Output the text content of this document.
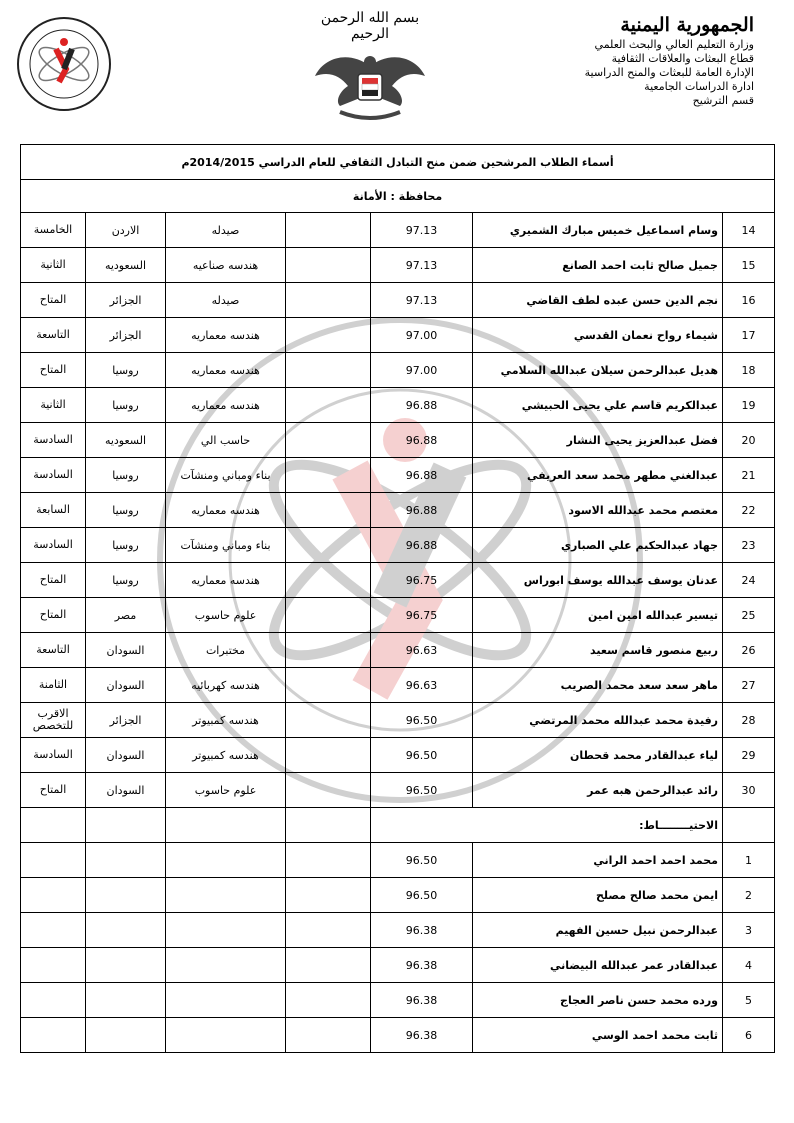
الجمهورية اليمنية
وزارة التعليم العالي والبحث العلمي
قطاع البعثات والعلاقات الثقافية
الإدارة العامة للبعثات والمنح الدراسية
ادارة الدراسات الجامعية
قسم الترشيح
بسم الله الرحمن الرحيم
أسماء الطلاب المرشحين ضمن منح التبادل الثقافي للعام الدراسي 2014/2015م						
محافظة : الأمانة						
الخامسة	الاردن	صيدله		97.13	وسام اسماعيل خميس مبارك الشميري	14
الثانية	السعوديه	هندسه صناعيه		97.13	جميل صالح ثابت احمد الصانع	15
المتاح	الجزائر	صيدله		97.13	نجم الدين حسن عبده لطف القاضي	16
التاسعة	الجزائر	هندسه معماريه		97.00	شيماء رواح نعمان القدسي	17
المتاح	روسيا	هندسه معماريه		97.00	هديل عبدالرحمن سيلان عبدالله السلامي	18
الثانية	روسيا	هندسه معماريه		96.88	عبدالكريم قاسم علي يحيى الحبيشي	19
السادسة	السعوديه	حاسب الي		96.88	فضل عبدالعزيز يحيى النشار	20
السادسة	روسيا	بناء ومباني ومنشآت		96.88	عبدالغني مطهر محمد سعد العريفي	21
السابعة	روسيا	هندسه معماريه		96.88	معتصم محمد عبدالله الاسود	22
السادسة	روسيا	بناء ومباني ومنشآت		96.88	جهاد عبدالحكيم علي الصباري	23
المتاح	روسيا	هندسه معماريه		96.75	عدنان يوسف عبدالله يوسف ابوراس	24
المتاح	مصر	علوم حاسوب		96.75	تيسير عبدالله امين امين	25
التاسعة	السودان	مختبرات		96.63	ربيع منصور قاسم سعيد	26
الثامنة	السودان	هندسه كهربائيه		96.63	ماهر سعد سعد محمد الصريب	27
الاقرب للتخصص	الجزائر	هندسه كمبيوتر		96.50	رفيدة محمد عبدالله محمد المرتضي	28
السادسة	السودان	هندسه كمبيوتر		96.50	لياء عبدالقادر محمد قحطان	29
المتاح	السودان	علوم حاسوب		96.50	رائد عبدالرحمن هبه عمر	30
				الاحتيــــــــاط:		
				96.50	محمد احمد احمد الراني	1
				96.50	ايمن محمد صالح مصلح	2
				96.38	عبدالرحمن نبيل حسين الفهيم	3
				96.38	عبدالقادر عمر عبدالله البيضاني	4
				96.38	ورده محمد حسن ناصر العجاج	5
				96.38	ثابت محمد احمد الوسي	6
